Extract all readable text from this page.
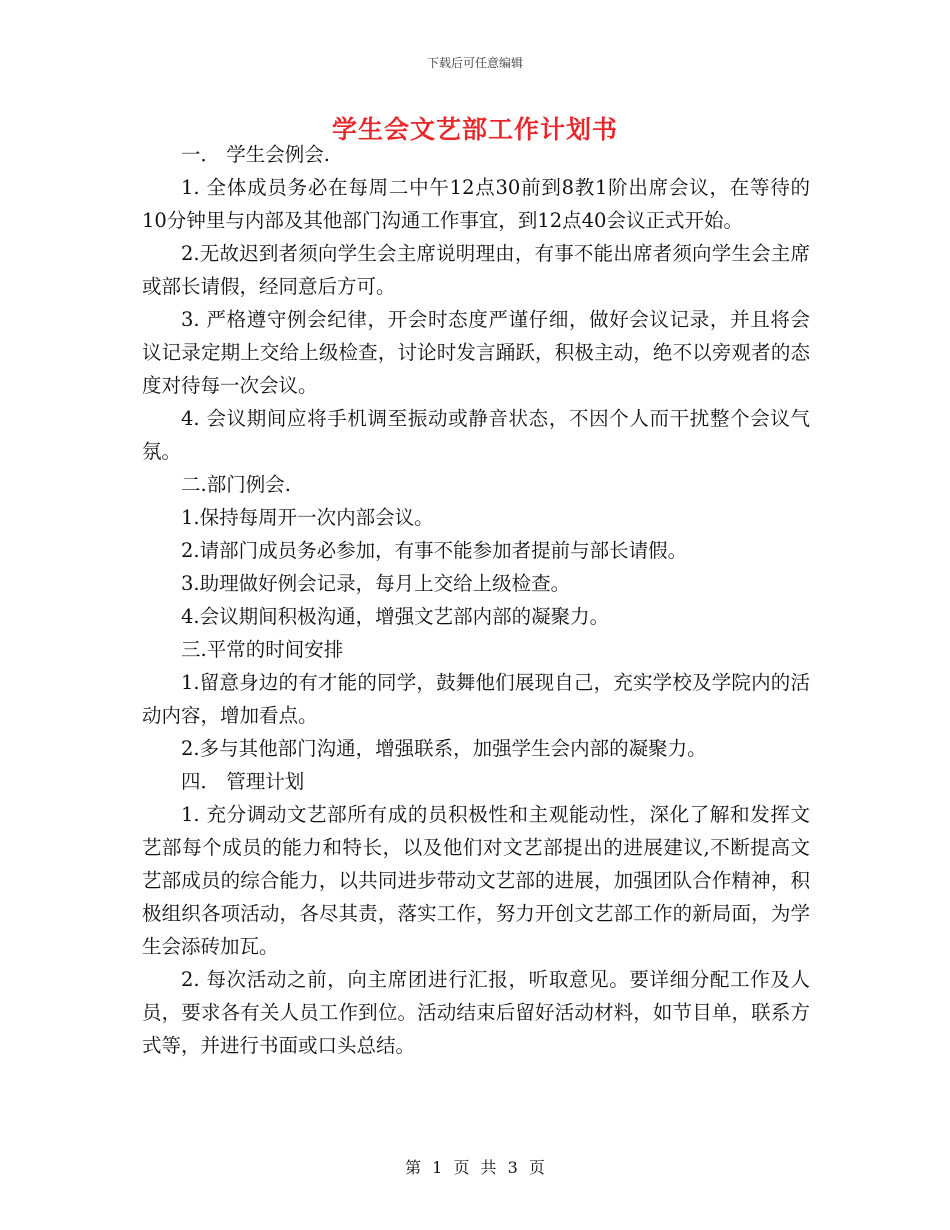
下载后可任意编辑
学生会文艺部工作计划书

一． 学生会例会.

1. 全体成员务必在每周二中午12点30前到8教1阶出席会议，在等待的10分钟里与内部及其他部门沟通工作事宜，到12点40会议正式开始。

2.无故迟到者须向学生会主席说明理由，有事不能出席者须向学生会主席或部长请假，经同意后方可。

3. 严格遵守例会纪律，开会时态度严谨仔细，做好会议记录，并且将会议记录定期上交给上级检查，讨论时发言踊跃，积极主动，绝不以旁观者的态度对待每一次会议。

4. 会议期间应将手机调至振动或静音状态，不因个人而干扰整个会议气氛。

二.部门例会.

1.保持每周开一次内部会议。

2.请部门成员务必参加，有事不能参加者提前与部长请假。

3.助理做好例会记录，每月上交给上级检查。

4.会议期间积极沟通，增强文艺部内部的凝聚力。

三.平常的时间安排

1.留意身边的有才能的同学，鼓舞他们展现自己，充实学校及学院内的活动内容，增加看点。

2.多与其他部门沟通，增强联系，加强学生会内部的凝聚力。

四． 管理计划

1. 充分调动文艺部所有成的员积极性和主观能动性，深化了解和发挥文艺部每个成员的能力和特长，以及他们对文艺部提出的进展建议,不断提高文艺部成员的综合能力，以共同进步带动文艺部的进展，加强团队合作精神，积极组织各项活动，各尽其责，落实工作，努力开创文艺部工作的新局面，为学生会添砖加瓦。

2. 每次活动之前，向主席团进行汇报，听取意见。要详细分配工作及人员，要求各有关人员工作到位。活动结束后留好活动材料，如节目单，联系方式等，并进行书面或口头总结。

第 1 页 共 3 页
